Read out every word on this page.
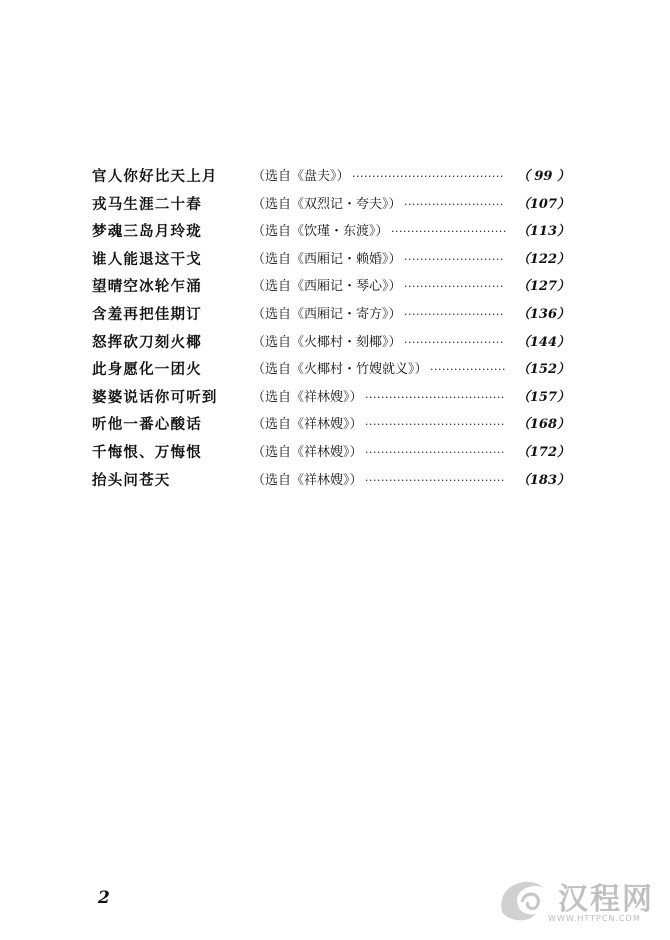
官人你好比天上月	（选自《盘夫》）	（ 99 ）
······································
戎马生涯二十春	（选自《双烈记・夸夫》）	（107）
·························
梦魂三岛月玲珑	（选自《饮瑾・东渡》）	（113）
·····························
谁人能退这干戈	（选自《西厢记・赖婚》）	（122）
·························
望晴空冰轮乍涌	（选自《西厢记・琴心》）	（127）
·························
含羞再把佳期订	（选自《西厢记・寄方》）	（136）
·························
怒挥砍刀刻火椰	（选自《火椰村・刻椰》）	（144）
·························
此身愿化一团火	（选自《火椰村・竹嫂就义》）	（152）
···················
婆婆说话你可听到	（选自《祥林嫂》）	（157）
···································
听他一番心酸话	（选自《祥林嫂》）	（168）
···································
千悔恨、万悔恨	（选自《祥林嫂》）	（172）
···································
抬头问苍天	（选自《祥林嫂》）	（183）
···································
2	汉程网
WWW.HTTPCN.COM
